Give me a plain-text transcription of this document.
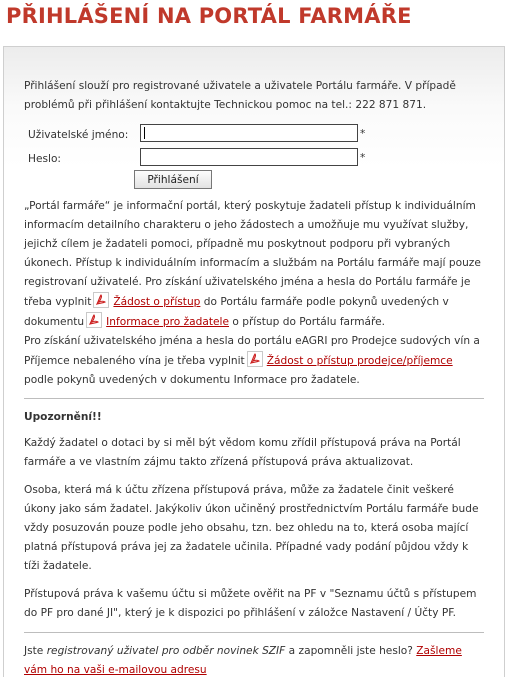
PŘIHLÁŠENÍ NA PORTÁL FARMÁŘE

Přihlášení slouží pro registrované uživatele a uživatele Portálu farmáře. V případě problémů při přihlášení kontaktujte Technickou pomoc na tel.: 222 871 871.

Uživatelské jméno:	*
Heslo:	*
Přihlášení

„Portál farmáře“ je informační portál, který poskytuje žadateli přístup k individuálním informacím detailního charakteru o jeho žádostech a umožňuje mu využívat služby, jejichž cílem je žadateli pomoci, případně mu poskytnout podporu při vybraných úkonech. Přístup k individuálním informacím a službám na Portálu farmáře mají pouze registrovaní uživatelé. Pro získání uživatelského jména a hesla do Portálu farmáře je třeba vyplnit Žádost o přístup do Portálu farmáře podle pokynů uvedených v dokumentu Informace pro žadatele o přístup do Portálu farmáře.

Pro získání uživatelského jména a hesla do portálu eAGRI pro Prodejce sudových vín a Příjemce nebaleného vína je třeba vyplnit Žádost o přístup prodejce/příjemce podle pokynů uvedených v dokumentu Informace pro žadatele.

Upozornění!!

Každý žadatel o dotaci by si měl být vědom komu zřídil přístupová práva na Portál farmáře a ve vlastním zájmu takto zřízená přístupová práva aktualizovat.

Osoba, která má k účtu zřízena přístupová práva, může za žadatele činit veškeré úkony jako sám žadatel. Jakýkoliv úkon učiněný prostřednictvím Portálu farmáře bude vždy posuzován pouze podle jeho obsahu, tzn. bez ohledu na to, která osoba mající platná přístupová práva jej za žadatele učinila. Případné vady podání půjdou vždy k tíži žadatele.

Přístupová práva k vašemu účtu si můžete ověřit na PF v "Seznamu účtů s přístupem do PF pro dané JI", který je k dispozici po přihlášení v záložce Nastavení / Účty PF.

Jste registrovaný uživatel pro odběr novinek SZIF a zapomněli jste heslo? Zašleme vám ho na vaši e-mailovou adresu
